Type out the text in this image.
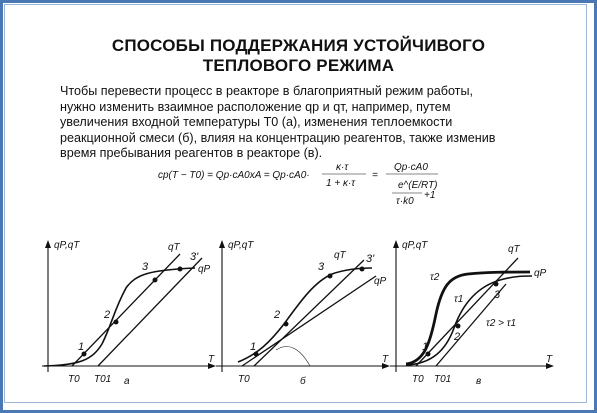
СПОСОБЫ ПОДДЕРЖАНИЯ УСТОЙЧИВОГО
ТЕПЛОВОГО РЕЖИМА
Чтобы перевести процесс в реакторе в благоприятный режим работы,
нужно изменить взаимное расположение qр и qт, например, путем
увеличения входной температуры T0 (а), изменения теплоемкости
реакционной смеси (б), влияя на концентрацию реагентов, также изменив
время пребывания реагентов в реакторе (в).
cp(T − T0) = Qp·cA0xA = Qp·cA0·
κ·τ
1 + κ·τ
=
Qp·cA0
e^(E/RT)
τ·k0
+1
qP,qT
T
1
2
3
3'
qP
qT
T0 T01 а
qP,qT
T
1
2
3
3'
qT
qP
T0	б
qP,qT
T
1
2
3
τ2
τ1
qP
qT
τ2 > τ1
T0 T01 в
